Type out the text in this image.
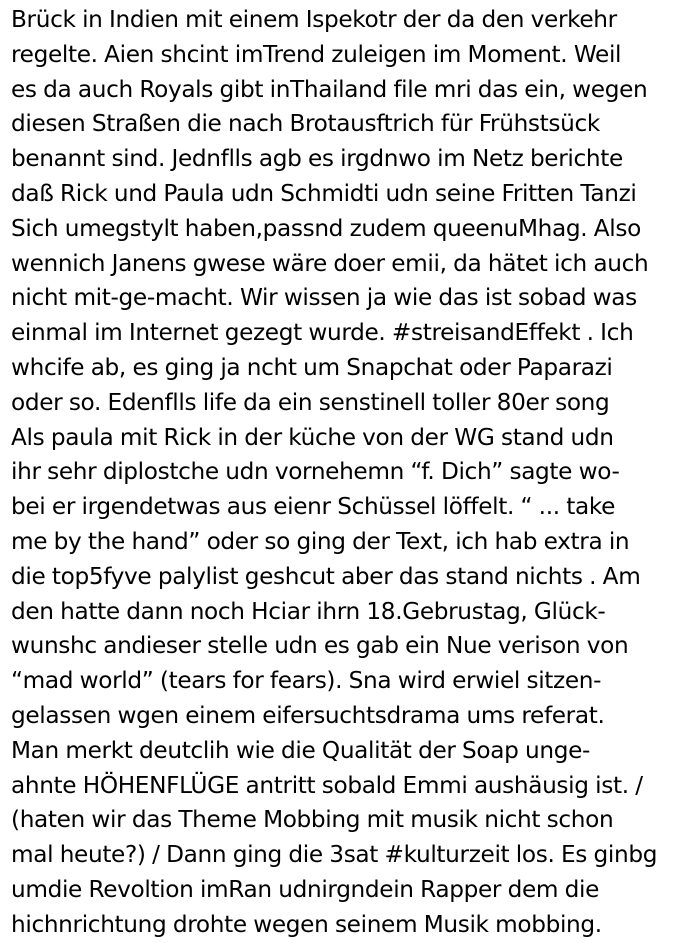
Brück in Indien mit einem Ispekotr der da den verkehr
regelte. Aien shcint imTrend zuleigen im Moment. Weil
es da auch Royals gibt inThailand file mri das ein, wegen
diesen Straßen die nach Brotausftrich für Frühstsück
benannt sind. Jednflls agb es irgdnwo im Netz berichte
daß Rick und Paula udn Schmidti udn seine Fritten Tanzi
Sich umegstylt haben,passnd zudem queenuMhag. Also
wennich Janens gwese wäre doer emii, da hätet ich auch
nicht mit-ge-macht. Wir wissen ja wie das ist sobad was
einmal im Internet gezegt wurde. #streisandEffekt . Ich
whcife ab, es ging ja ncht um Snapchat oder Paparazi
oder so. Edenflls life da ein senstinell toller 80er song
Als paula mit Rick in der küche von der WG stand udn
ihr sehr diplostche udn vornehemn “f. Dich” sagte wo-
bei er irgendetwas aus eienr Schüssel löffelt. “ ... take
me by the hand” oder so ging der Text, ich hab extra in
die top5fyve palylist geshcut aber das stand nichts . Am
den hatte dann noch Hciar ihrn 18.Gebrustag, Glück-
wunshc andieser stelle udn es gab ein Nue verison von
“mad world” (tears for fears). Sna wird erwiel sitzen-
gelassen wgen einem eifersuchtsdrama ums referat.
Man merkt deutclih wie die Qualität der Soap unge-
ahnte HÖHENFLÜGE antritt sobald Emmi aushäusig ist. /
(haten wir das Theme Mobbing mit musik nicht schon
mal heute?) / Dann ging die 3sat #kulturzeit los. Es ginbg
umdie Revoltion imRan udnirgndein Rapper dem die
hichnrichtung drohte wegen seinem Musik mobbing.
